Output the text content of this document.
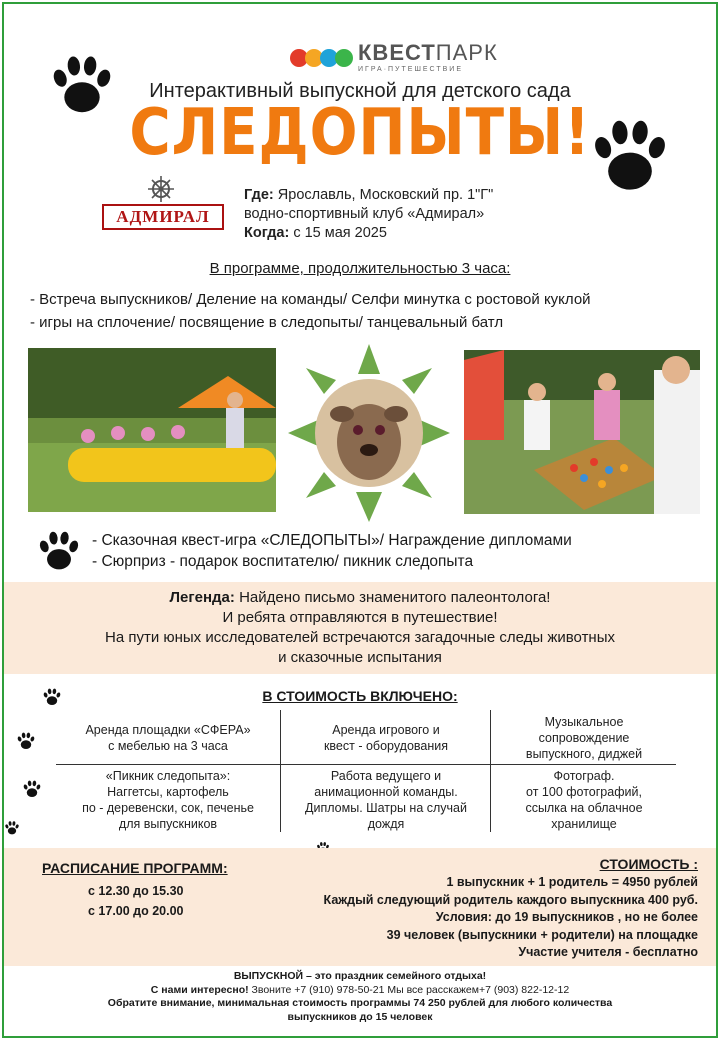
КВЕСТПАРК
ИГРА·ПУТЕШЕСТВИЕ
Интерактивный выпускной для детского сада
СЛЕДОПЫТЫ!
АДМИРАЛ
Где: Ярославль, Московский пр. 1"Г"
водно-спортивный клуб «Адмирал»
Когда: с 15 мая 2025
В программе, продолжительностью 3 часа:
- Встреча выпускников/ Деление на команды/ Селфи минутка с ростовой куклой
- игры на сплочение/ посвящение в следопыты/ танцевальный батл
- Сказочная квест-игра «СЛЕДОПЫТЫ»/ Награждение дипломами
- Сюрприз - подарок воспитателю/ пикник следопыта
Легенда: Найдено письмо знаменитого палеонтолога!
И ребята отправляются в путешествие!
На пути юных исследователей встречаются загадочные следы животных
и сказочные испытания
В СТОИМОСТЬ ВКЛЮЧЕНО:
Аренда площадки «СФЕРА»
с мебелью на 3 часа
Аренда игрового и
квест - оборудования
Музыкальное
сопровождение
выпускного, диджей
«Пикник следопыта»:
Наггетсы, картофель
по - деревенски, сок, печенье
для выпускников
Работа ведущего и
анимационной команды.
Дипломы. Шатры на случай
дождя
Фотограф.
от 100 фотографий,
ссылка на облачное
хранилище
РАСПИСАНИЕ ПРОГРАММ:
с 12.30 до 15.30
с 17.00 до 20.00
СТОИМОСТЬ :
1 выпускник + 1 родитель = 4950 рублей
Каждый следующий родитель каждого выпускника 400 руб.
Условия: до 19 выпускников , но не более
39 человек (выпускники + родители) на площадке
Участие учителя - бесплатно
ВЫПУСКНОЙ – это праздник семейного отдыха!
С нами интересно! Звоните +7 (910) 978-50-21 Мы все расскажем+7 (903) 822-12-12
Обратите внимание, минимальная стоимость программы 74 250 рублей для любого количества
выпускников до 15 человек
